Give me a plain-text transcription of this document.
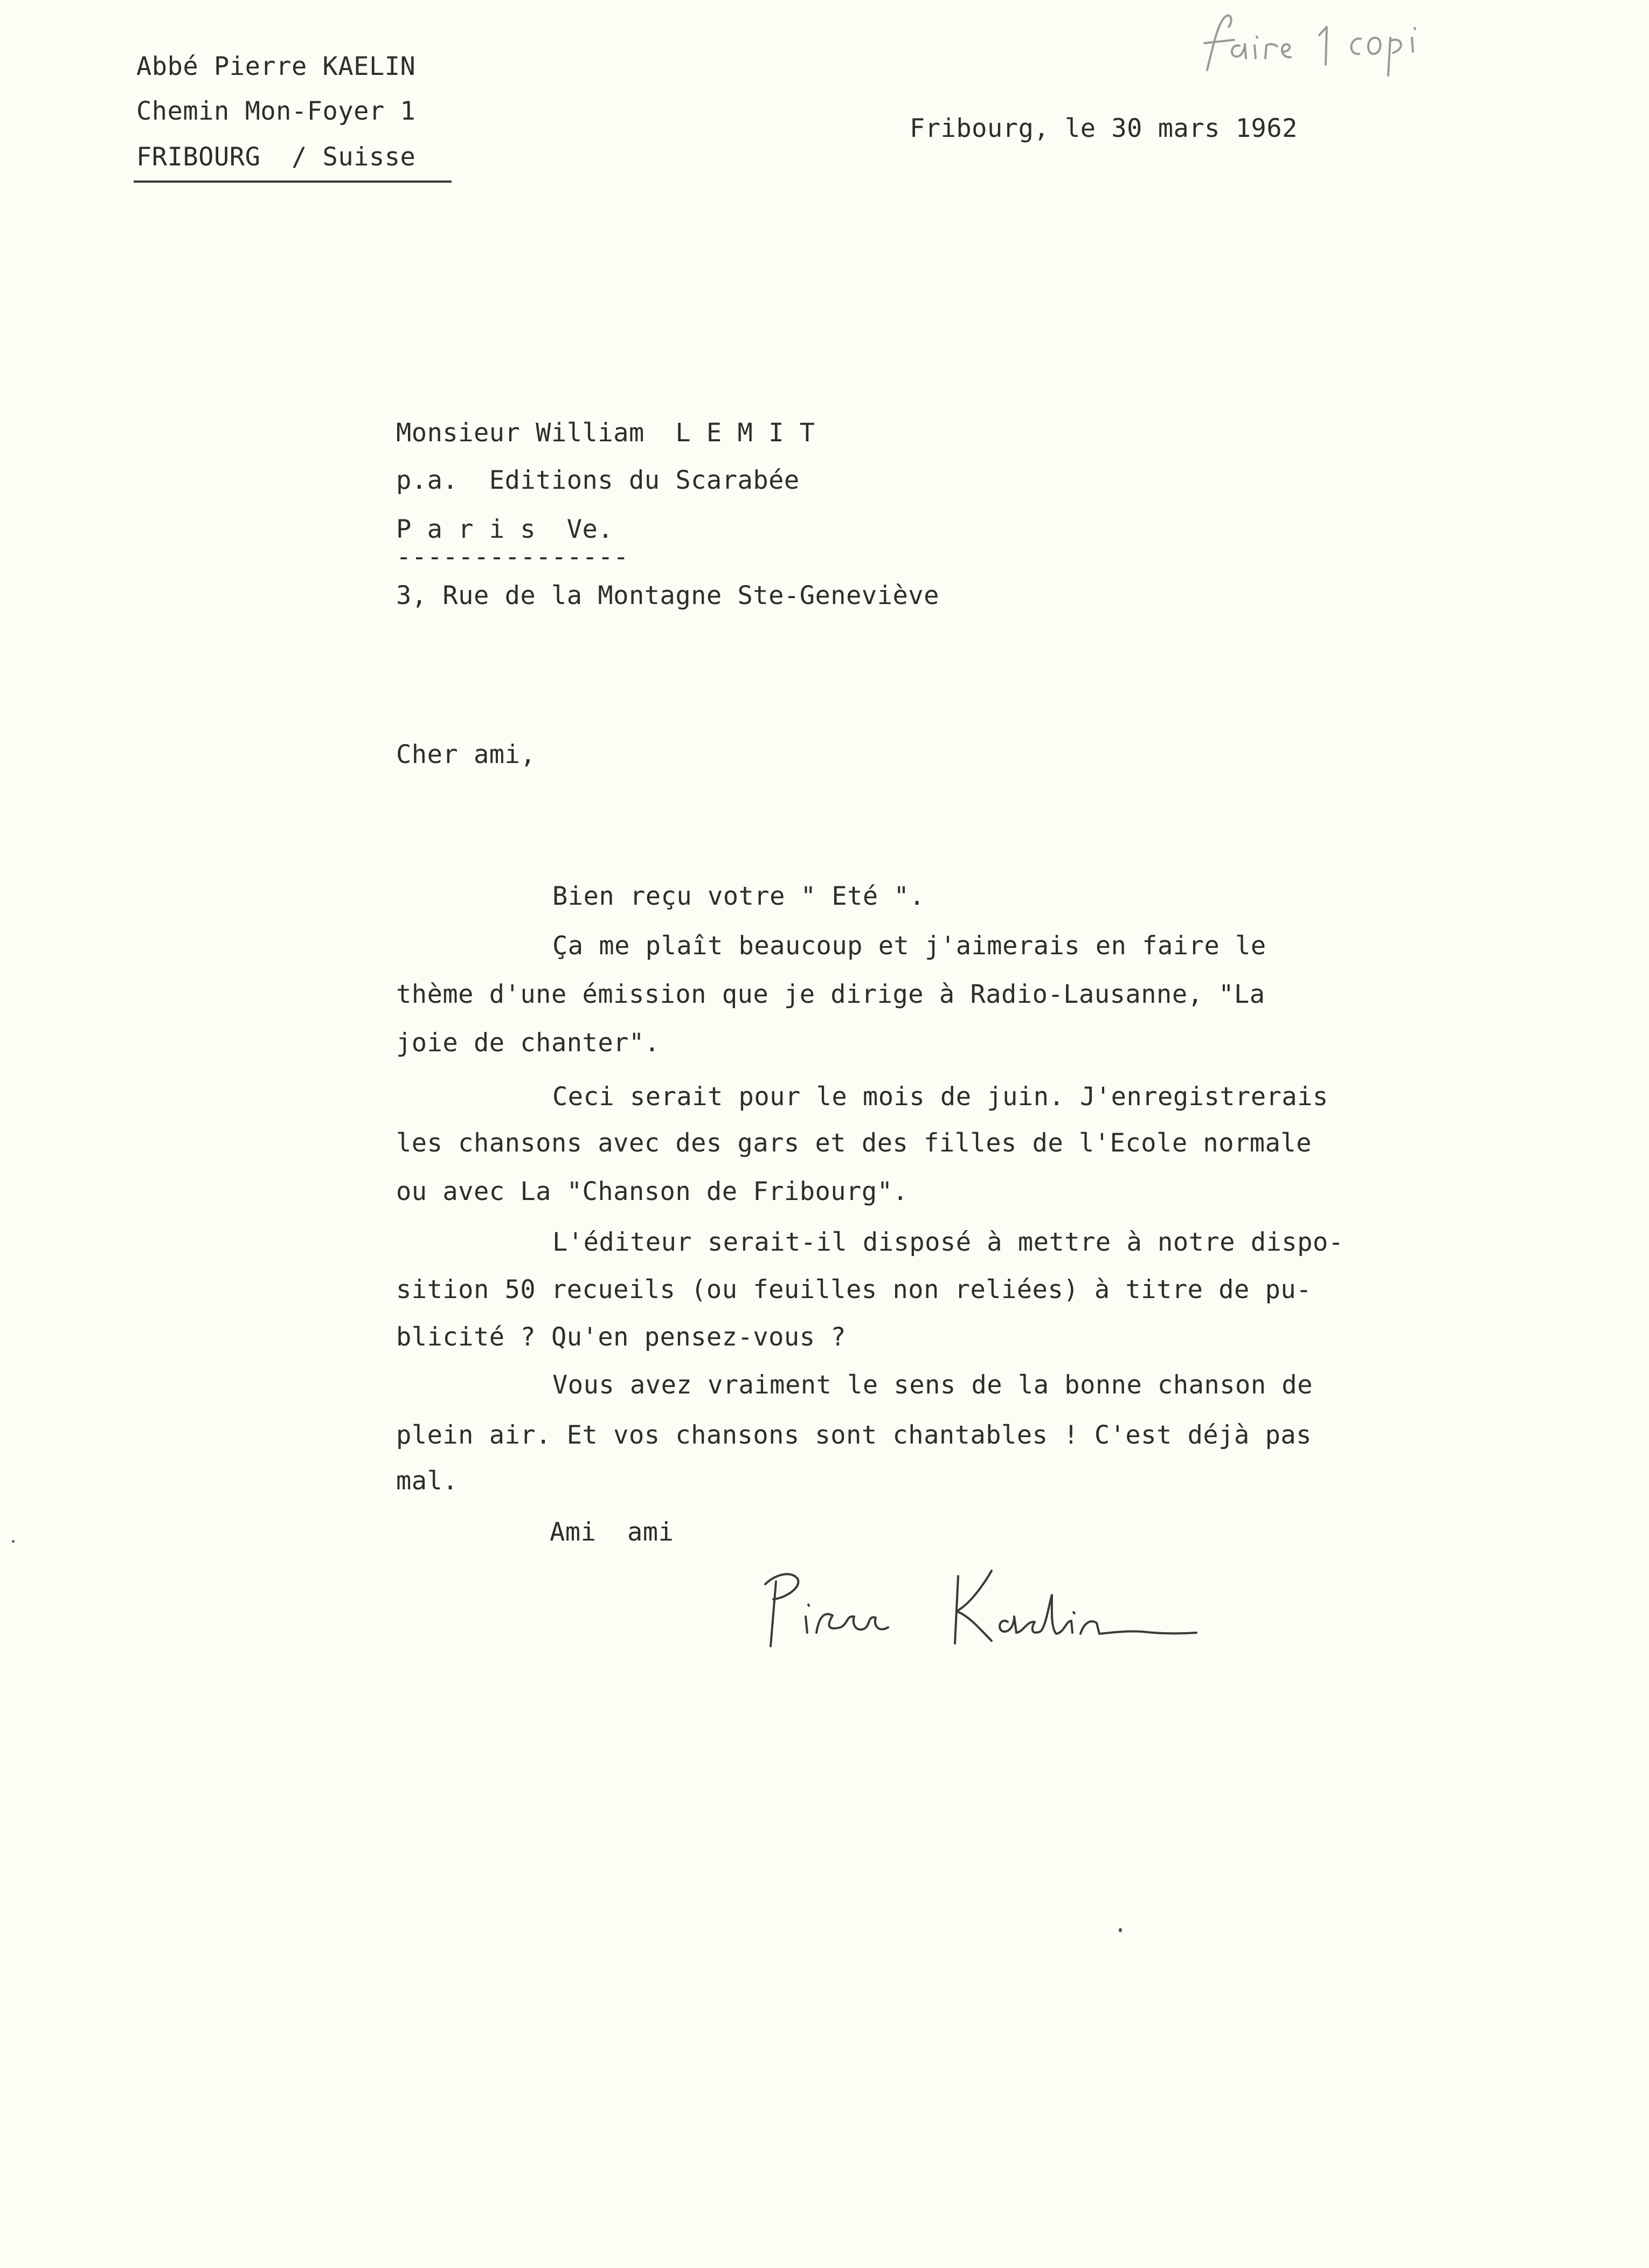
Abbé Pierre KAELIN
Chemin Mon-Foyer 1
FRIBOURG  / Suisse
Fribourg, le 30 mars 1962
Monsieur William  L E M I T
p.a.  Editions du Scarabée
P a r i s  Ve.
---------------
3, Rue de la Montagne Ste-Geneviève
Cher ami,
Bien reçu votre " Eté ".
Ça me plaît beaucoup et j'aimerais en faire le
thème d'une émission que je dirige à Radio-Lausanne, "La
joie de chanter".
Ceci serait pour le mois de juin. J'enregistrerais
les chansons avec des gars et des filles de l'Ecole normale
ou avec La "Chanson de Fribourg".
L'éditeur serait-il disposé à mettre à notre dispo-
sition 50 recueils (ou feuilles non reliées) à titre de pu-
blicité ? Qu'en pensez-vous ?
Vous avez vraiment le sens de la bonne chanson de
plein air. Et vos chansons sont chantables ! C'est déjà pas
mal.
Ami  ami
